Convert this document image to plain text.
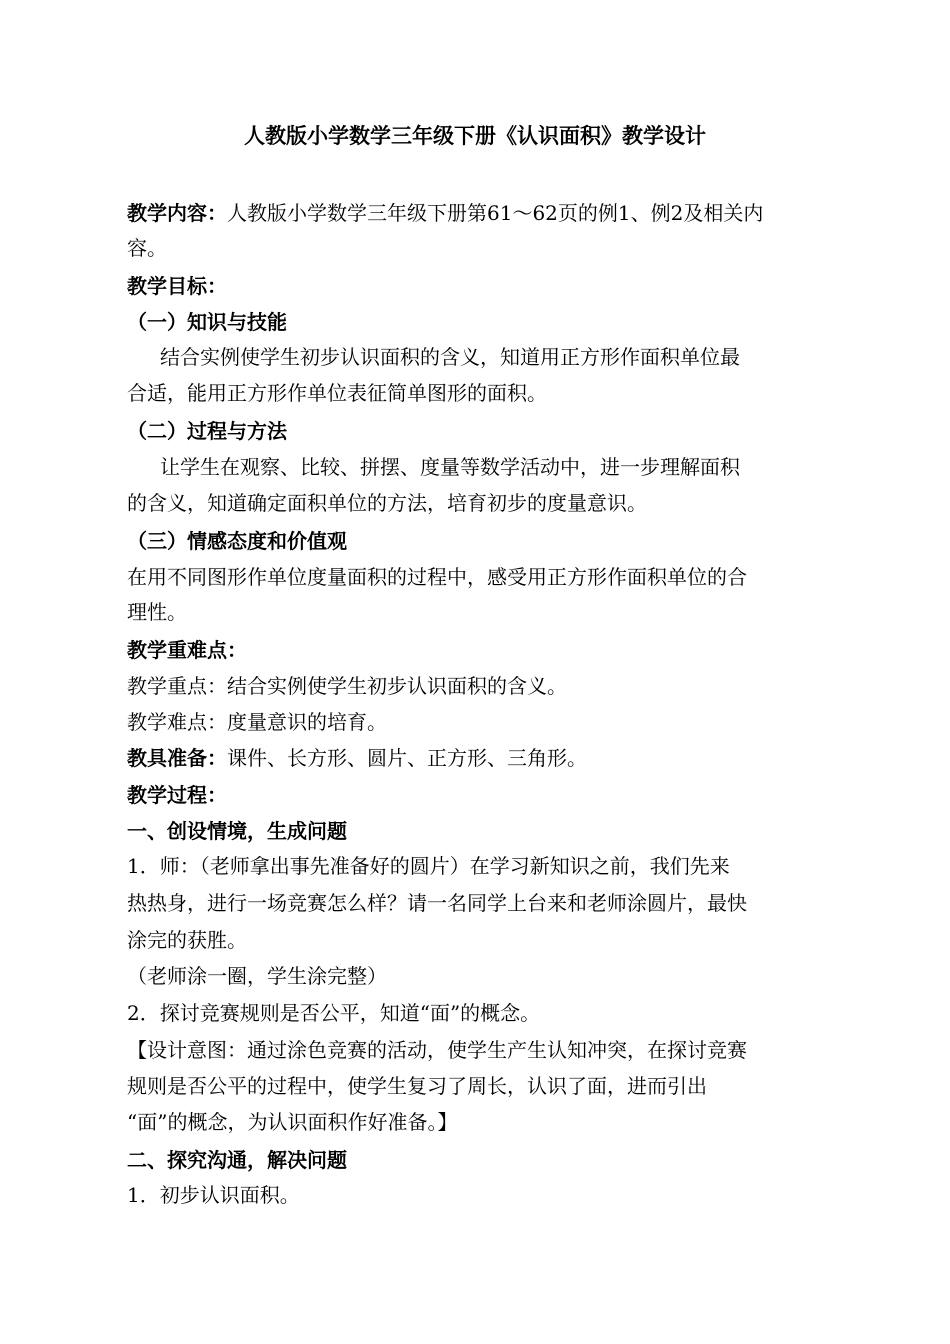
人教版小学数学三年级下册《认识面积》教学设计
教学内容：人教版小学数学三年级下册第61～62页的例1、例2及相关内
容。
教学目标：
（一）知识与技能
结合实例使学生初步认识面积的含义，知道用正方形作面积单位最
合适，能用正方形作单位表征简单图形的面积。
（二）过程与方法
让学生在观察、比较、拼摆、度量等数学活动中，进一步理解面积
的含义，知道确定面积单位的方法，培育初步的度量意识。
（三）情感态度和价值观
在用不同图形作单位度量面积的过程中，感受用正方形作面积单位的合
理性。
教学重难点：
教学重点：结合实例使学生初步认识面积的含义。
教学难点：度量意识的培育。
教具准备：课件、长方形、圆片、正方形、三角形。
教学过程：
一、创设情境，生成问题
1．师：（老师拿出事先准备好的圆片）在学习新知识之前，我们先来
热热身，进行一场竞赛怎么样？请一名同学上台来和老师涂圆片，最快
涂完的获胜。
（老师涂一圈，学生涂完整）
2．探讨竞赛规则是否公平，知道“面”的概念。
【设计意图：通过涂色竞赛的活动，使学生产生认知冲突，在探讨竞赛
规则是否公平的过程中，使学生复习了周长，认识了面，进而引出
“面”的概念，为认识面积作好准备。】
二、探究沟通，解决问题
1．初步认识面积。
